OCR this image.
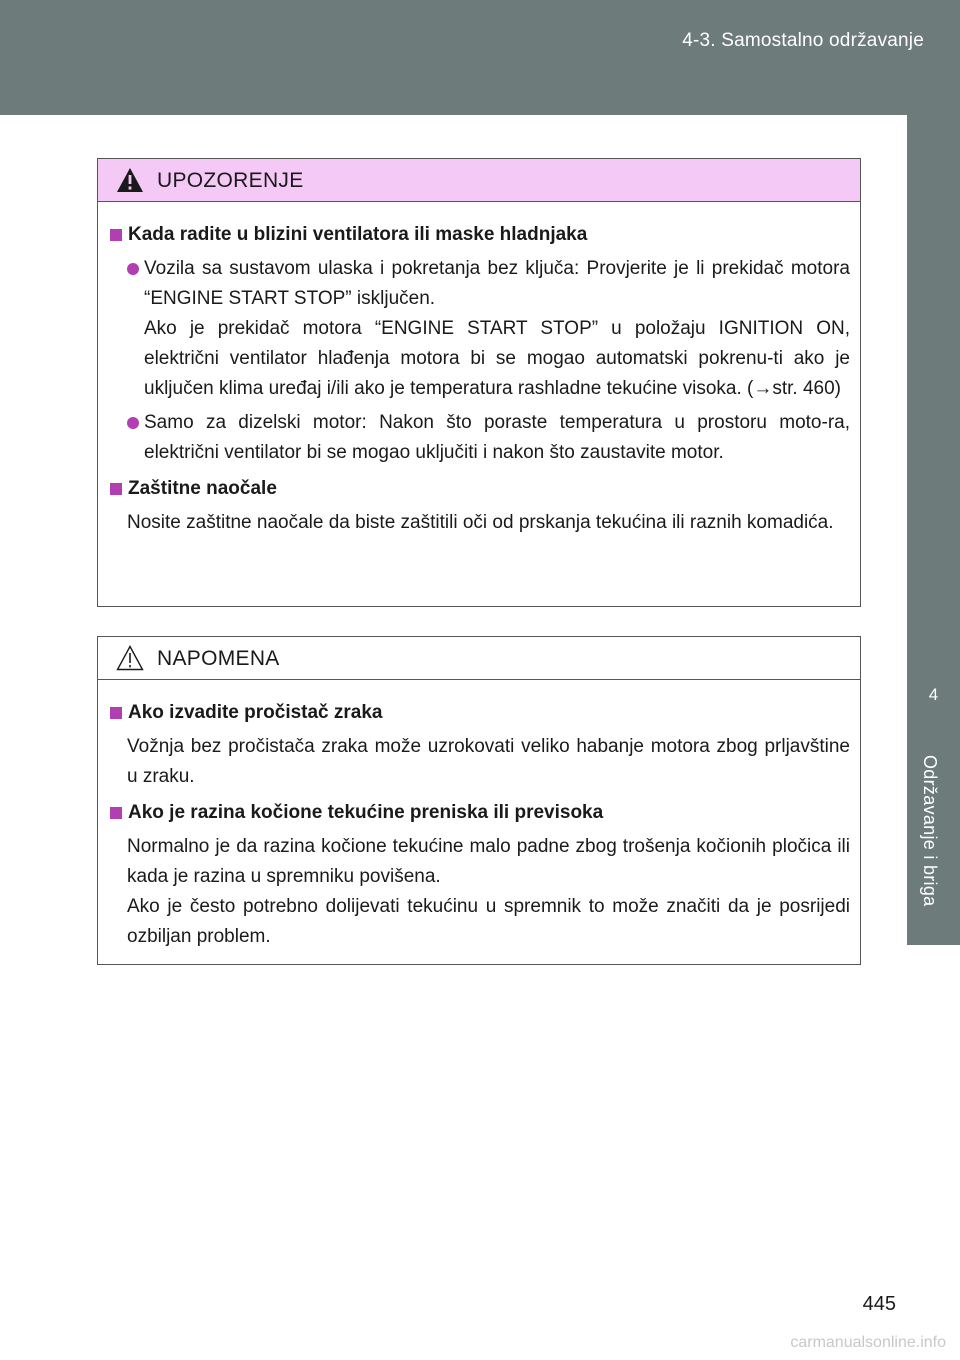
4-3. Samostalno održavanje
4
Održavanje i briga
UPOZORENJE
Kada radite u blizini ventilatora ili maske hladnjaka
Vozila sa sustavom ulaska i pokretanja bez ključa: Provjerite je li prekidač motora “ENGINE START STOP” isključen.
Ako je prekidač motora “ENGINE START STOP” u položaju IGNITION ON, električni ventilator hlađenja motora bi se mogao automatski pokrenu-ti ako je uključen klima uređaj i/ili ako je temperatura rashladne tekućine visoka. (→str. 460)
Samo za dizelski motor: Nakon što poraste temperatura u prostoru moto-ra, električni ventilator bi se mogao uključiti i nakon što zaustavite motor.
Zaštitne naočale
Nosite zaštitne naočale da biste zaštitili oči od prskanja tekućina ili raznih komadića.
NAPOMENA
Ako izvadite pročistač zraka
Vožnja bez pročistača zraka može uzrokovati veliko habanje motora zbog prljavštine u zraku.
Ako je razina kočione tekućine preniska ili previsoka
Normalno je da razina kočione tekućine malo padne zbog trošenja kočionih pločica ili kada je razina u spremniku povišena.
Ako je često potrebno dolijevati tekućinu u spremnik to može značiti da je posrijedi ozbiljan problem.
445
carmanualsonline.info
